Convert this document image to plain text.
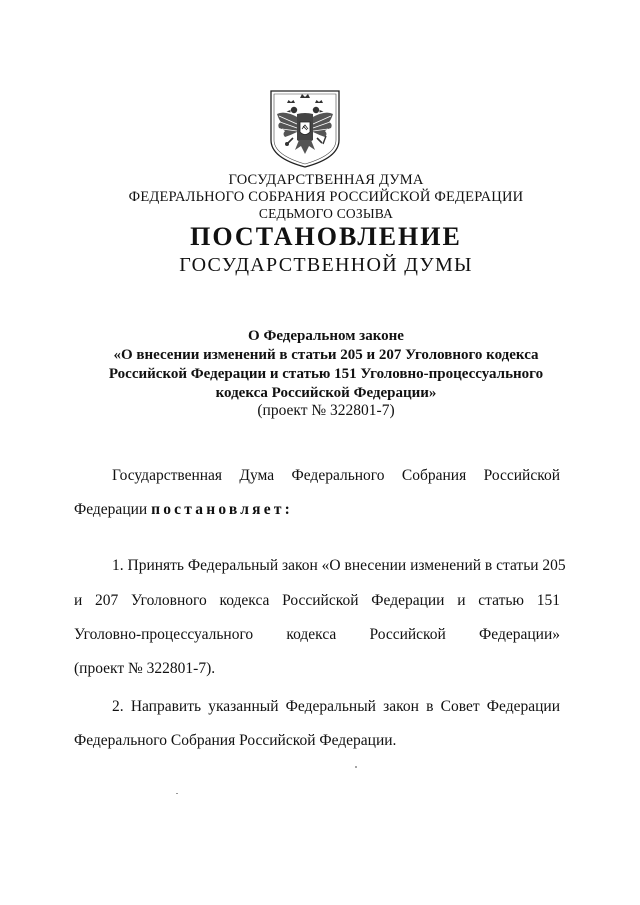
ГОСУДАРСТВЕННАЯ ДУМА
ФЕДЕРАЛЬНОГО СОБРАНИЯ РОССИЙСКОЙ ФЕДЕРАЦИИ
СЕДЬМОГО СОЗЫВА
ПОСТАНОВЛЕНИЕ
ГОСУДАРСТВЕННОЙ ДУМЫ
О Федеральном законе
«О внесении изменений в статьи 205 и 207 Уголовного кодекса
Российской Федерации и статью 151 Уголовно-процессуального
кодекса Российской Федерации»
(проект № 322801-7)
Государственная Дума Федерального Собрания Российской
Федерации постановляет:
1. Принять Федеральный закон «О внесении изменений в статьи 205
и 207 Уголовного кодекса Российской Федерации и статью 151
Уголовно-процессуального кодекса Российской Федерации»
(проект № 322801-7).
2. Направить указанный Федеральный закон в Совет Федерации
Федерального Собрания Российской Федерации.
